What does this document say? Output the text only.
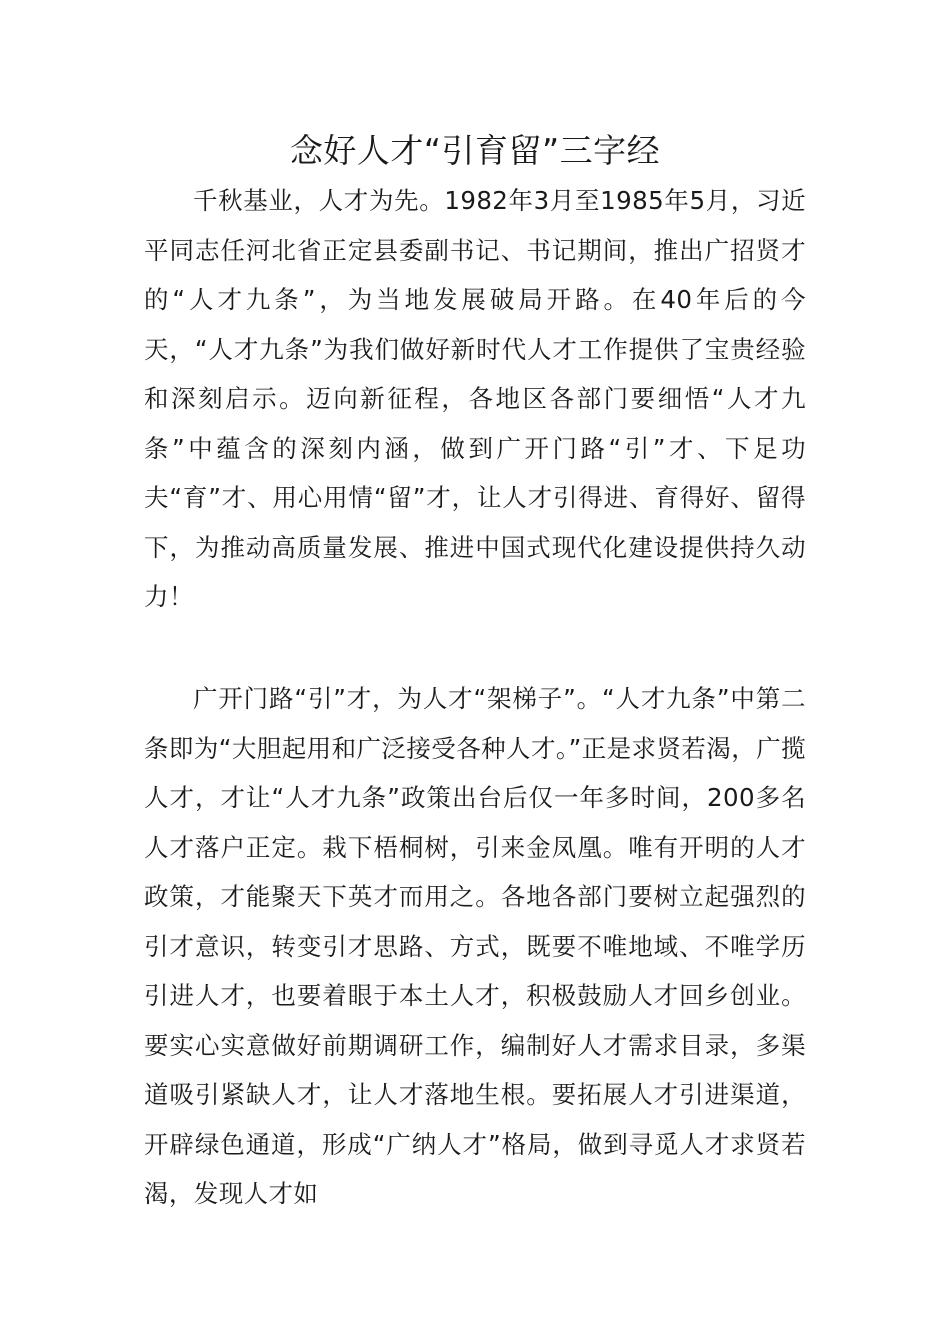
念好人才“引育留”三字经

千秋基业，人才为先。1982年3月至1985年5月，习近平同志任河北省正定县委副书记、书记期间，推出广招贤才的“人才九条”，为当地发展破局开路。在40年后的今天，“人才九条”为我们做好新时代人才工作提供了宝贵经验和深刻启示。迈向新征程，各地区各部门要细悟“人才九条”中蕴含的深刻内涵，做到广开门路“引”才、下足功夫“育”才、用心用情“留”才，让人才引得进、育得好、留得下，为推动高质量发展、推进中国式现代化建设提供持久动力！

广开门路“引”才，为人才“架梯子”。“人才九条”中第二条即为“大胆起用和广泛接受各种人才。”正是求贤若渴，广揽人才，才让“人才九条”政策出台后仅一年多时间，200多名人才落户正定。栽下梧桐树，引来金凤凰。唯有开明的人才政策，才能聚天下英才而用之。各地各部门要树立起强烈的引才意识，转变引才思路、方式，既要不唯地域、不唯学历引进人才，也要着眼于本土人才，积极鼓励人才回乡创业。要实心实意做好前期调研工作，编制好人才需求目录，多渠道吸引紧缺人才，让人才落地生根。要拓展人才引进渠道，开辟绿色通道，形成“广纳人才”格局，做到寻觅人才求贤若渴，发现人才如
